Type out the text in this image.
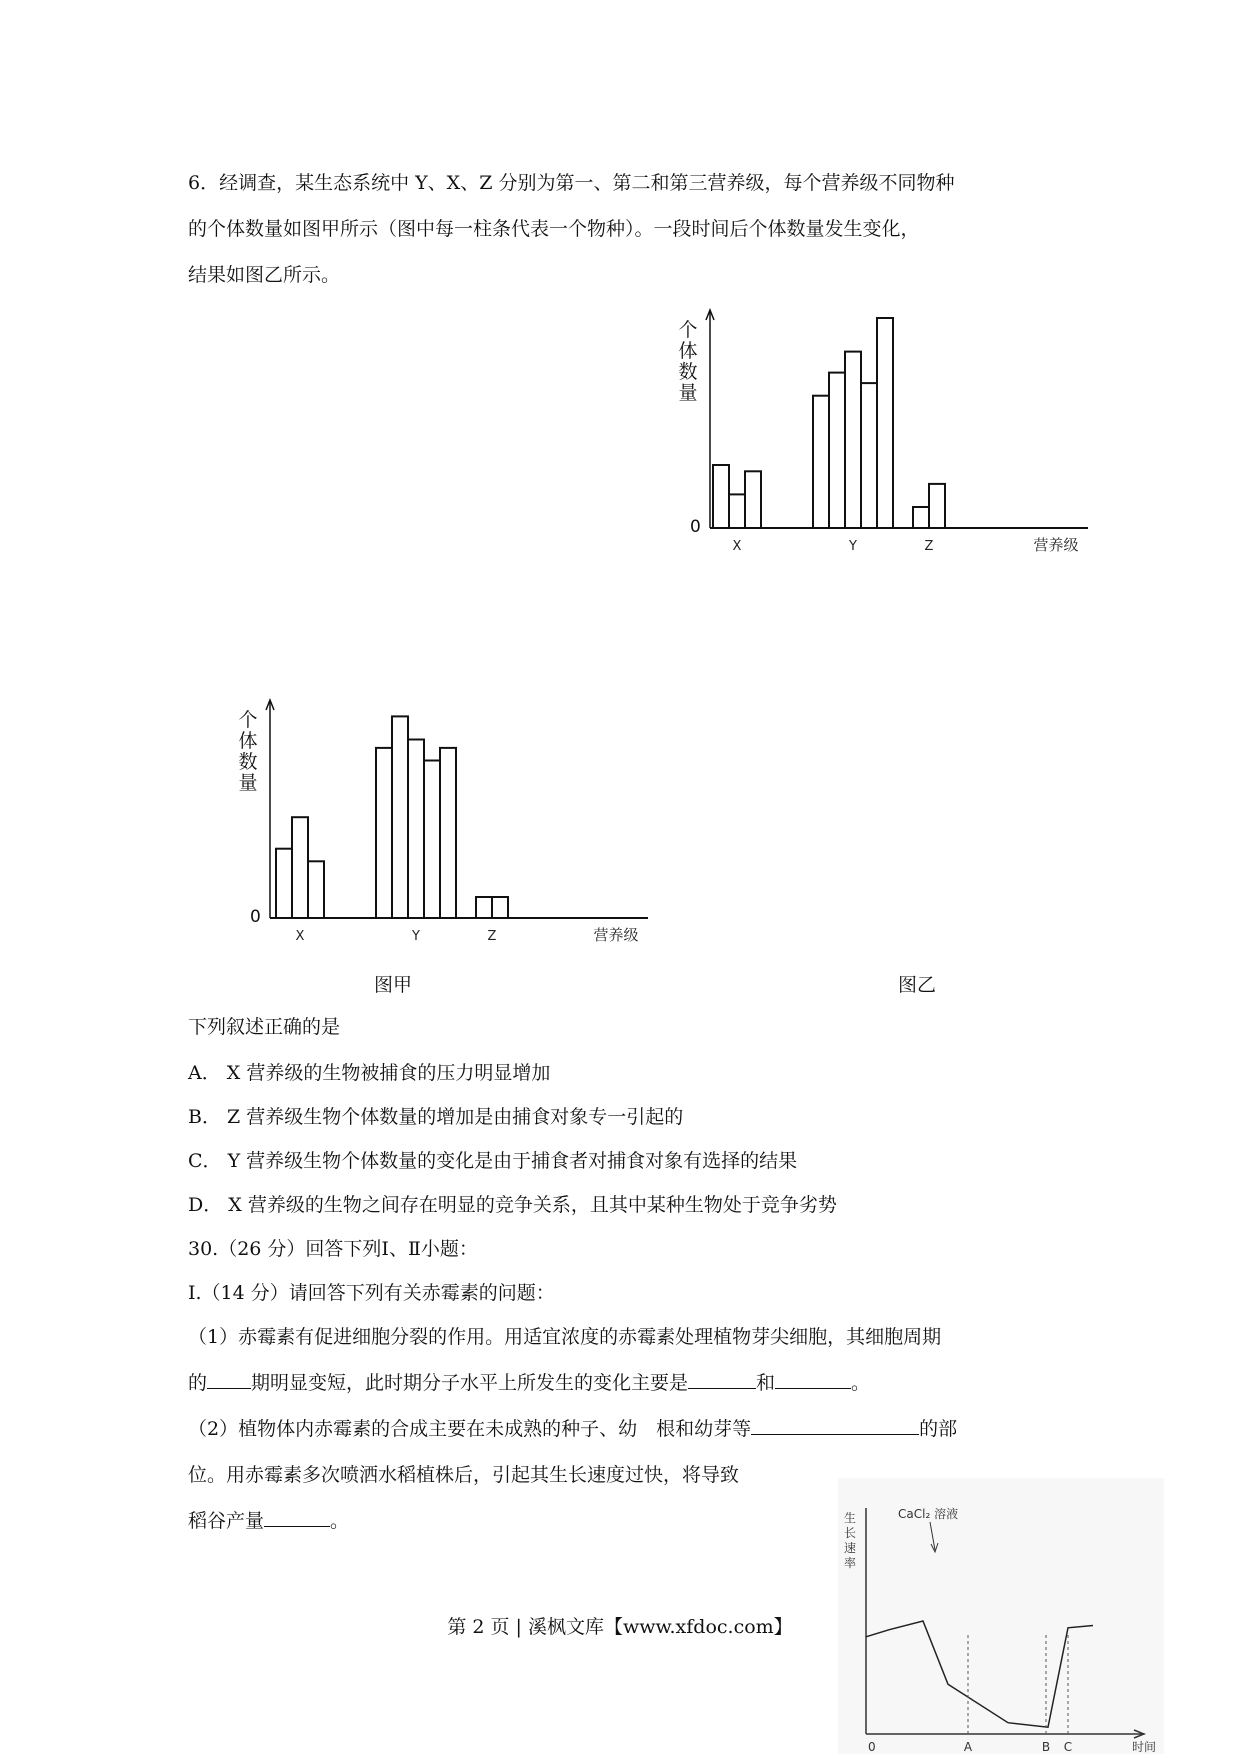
6．经调查，某生态系统中 Y、X、Z 分别为第一、第二和第三营养级，每个营养级不同物种
的个体数量如图甲所示（图中每一柱条代表一个物种）。一段时间后个体数量发生变化，
结果如图乙所示。
个
体
数
量
0
X	Y	Z	营养级
个
体
数
量
0
X	Y	Z	营养级
图甲	图乙
下列叙述正确的是
A． X 营养级的生物被捕食的压力明显增加
B． Z 营养级生物个体数量的增加是由捕食对象专一引起的
C． Y 营养级生物个体数量的变化是由于捕食者对捕食对象有选择的结果
D． X 营养级的生物之间存在明显的竞争关系，且其中某种生物处于竞争劣势
30.（26 分）回答下列Ⅰ、Ⅱ小题：
Ⅰ.（14 分）请回答下列有关赤霉素的问题：
（1）赤霉素有促进细胞分裂的作用。用适宜浓度的赤霉素处理植物芽尖细胞，其细胞周期
的 期明显变短，此时期分子水平上所发生的变化主要是	和	。
（2）植物体内赤霉素的合成主要在未成熟的种子、幼　根和幼芽等	的部
位。用赤霉素多次喷洒水稻植株后，引起其生长速度过快，将导致
稻谷产量	。
0	时间
生
长
速
率
A	B C
CaCl₂ 溶液
第 2 页 | 溪枫文库【www.xfdoc.com】
